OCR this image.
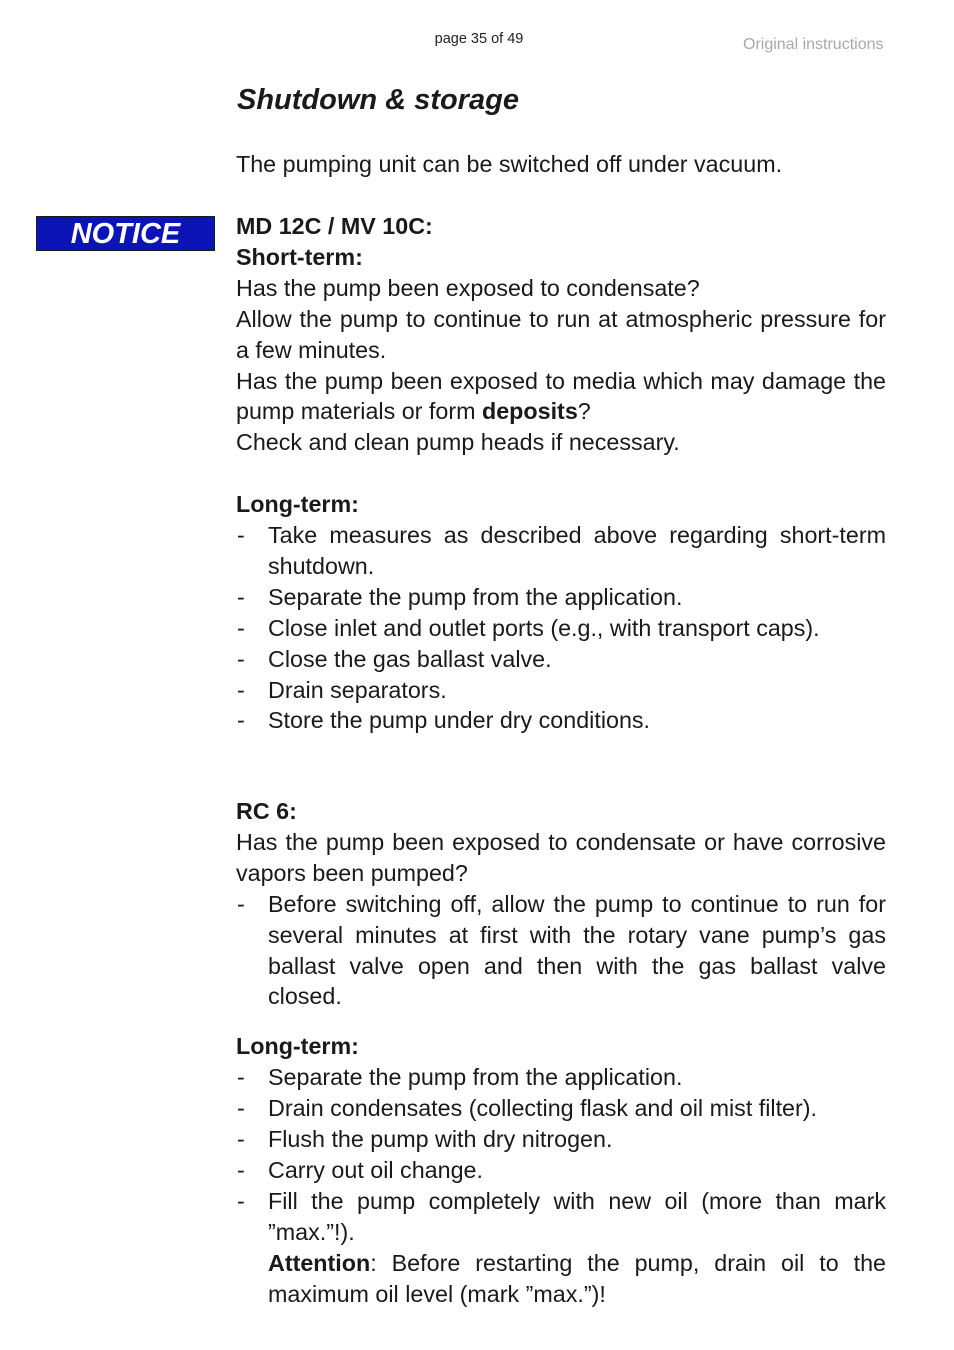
page 35 of 49	Original instructions
Shutdown & storage

The pumping unit can be switched off under vacuum.

NOTICE	MD 12C / MV 10C:

Short-term:

Has the pump been exposed to condensate?

Allow the pump to continue to run at atmospheric pressure for a few minutes.

Has the pump been exposed to media which may damage the pump materials or form deposits?

Check and clean pump heads if necessary.

Long-term:

- Take measures as described above regarding short-term shutdown.
- Separate the pump from the application.
- Close inlet and outlet ports (e.g., with transport caps).
- Close the gas ballast valve.
- Drain separators.
- Store the pump under dry conditions.

RC 6:

Has the pump been exposed to condensate or have corrosive vapors been pumped?

- Before switching off, allow the pump to continue to run for several minutes at first with the rotary vane pump’s gas ballast valve open and then with the gas ballast valve closed.

Long-term:

- Separate the pump from the application.
- Drain condensates (collecting flask and oil mist filter).
- Flush the pump with dry nitrogen.
- Carry out oil change.
- Fill the pump completely with new oil (more than mark ”max.”!).
Attention: Before restarting the pump, drain oil to the maximum oil level (mark ”max.”)!
